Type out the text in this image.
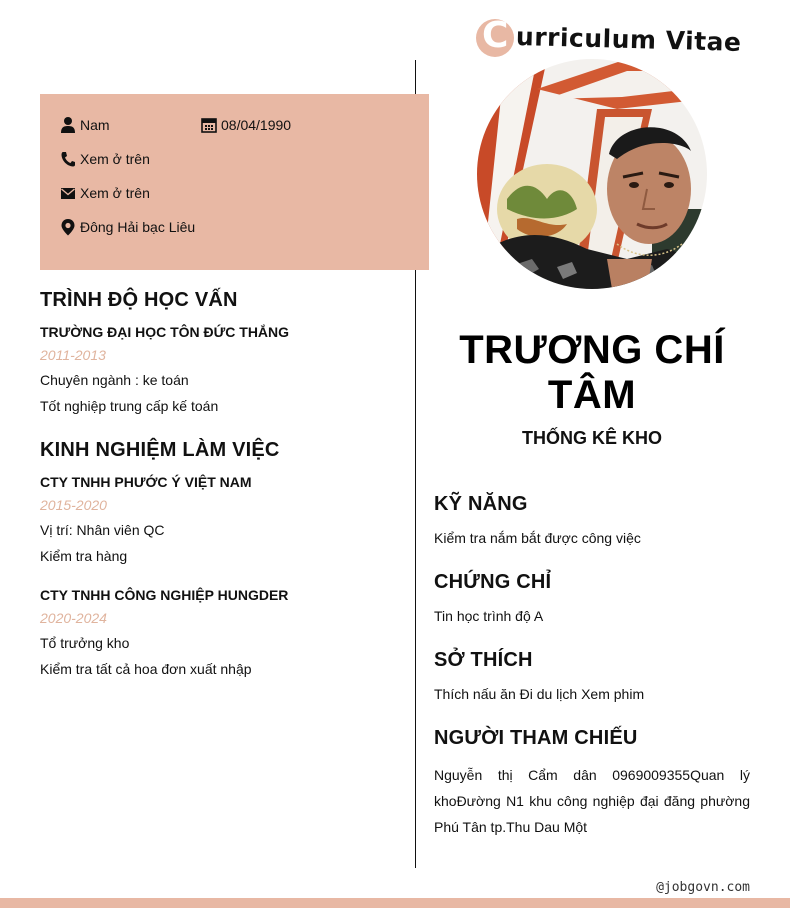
C urriculum Vitae
Nam	08/04/1990
Xem ở trên
Xem ở trên
Đông Hải bạc Liêu
TRÌNH ĐỘ HỌC VẤN
TRƯỜNG ĐẠI HỌC TÔN ĐỨC THẮNG
2011-2013
Chuyên ngành : ke toán
Tốt nghiệp trung cấp kế toán
KINH NGHIỆM LÀM VIỆC
CTY TNHH PHƯỚC Ý VIỆT NAM
2015-2020
Vị trí: Nhân viên QC
Kiểm tra hàng
CTY TNHH CÔNG NGHIỆP HUNGDER
2020-2024
Tổ trưởng kho
Kiểm tra tất cả hoa đơn xuất nhập
TRƯƠNG CHÍ TÂM
THỐNG KÊ KHO
KỸ NĂNG
Kiểm tra nắm bắt được công việc
CHỨNG CHỈ
Tin học trình độ A
SỞ THÍCH
Thích nấu ăn Đi du lịch Xem phim
NGƯỜI THAM CHIẾU
Nguyễn thị Cẩm dân 0969009355Quan lý khoĐường N1 khu công nghiệp đại đăng phường Phú Tân tp.Thu Dau Một
@jobgovn.com
